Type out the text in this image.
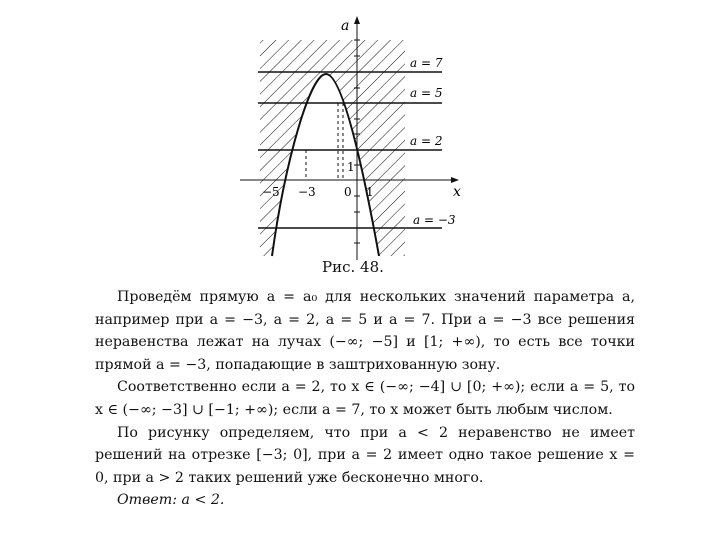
a
x
a = 7
a = 5
a = 2
a = −3
−5 −3 0 1
1
Рис. 48.

Проведём прямую a = a₀ для нескольких значений параметра a, например при a = −3, a = 2, a = 5 и a = 7. При a = −3 все решения неравенства лежат на лучах (−∞; −5] и [1; +∞), то есть все точки прямой a = −3, попадающие в заштрихованную зону.

Соответственно если a = 2, то x ∈ (−∞; −4] ∪ [0; +∞); если a = 5, то x ∈ (−∞; −3] ∪ [−1; +∞); если a = 7, то x может быть любым числом.

По рисунку определяем, что при a < 2 неравенство не имеет решений на отрезке [−3; 0], при a = 2 имеет одно такое решение x = 0, при a > 2 таких решений уже бесконечно много.

Ответ: a < 2.
